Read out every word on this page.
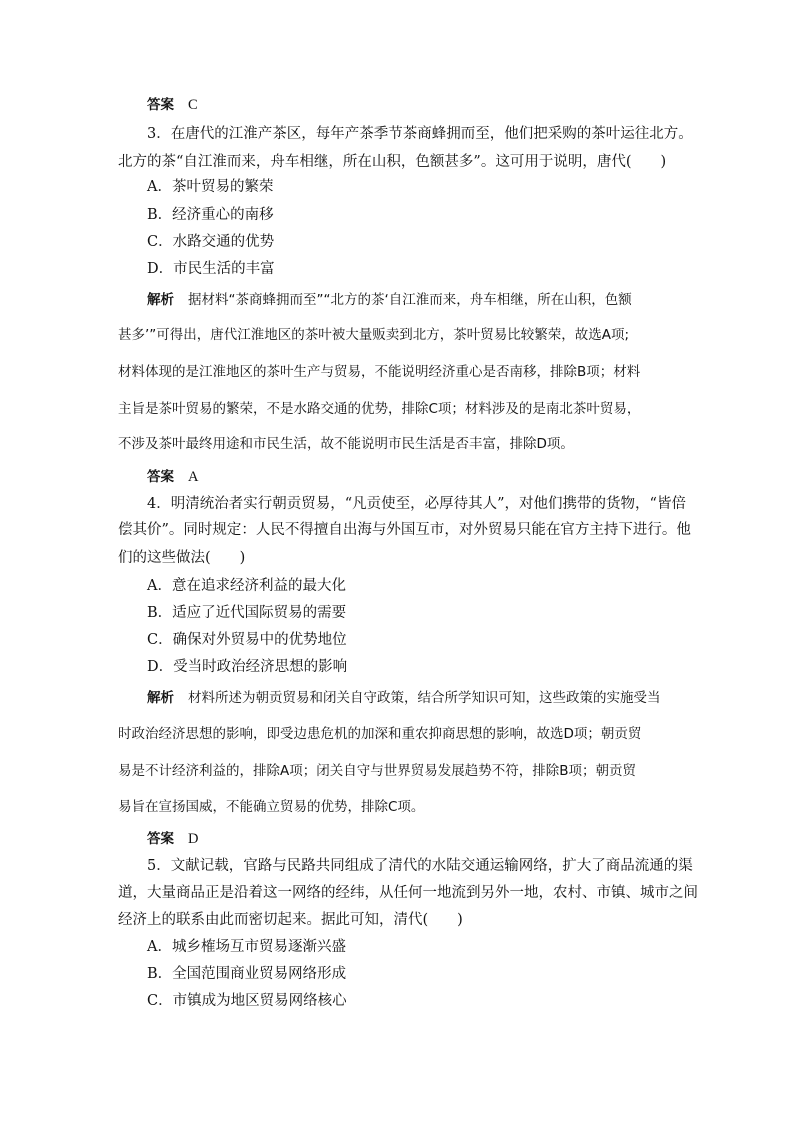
答案 C
3．在唐代的江淮产茶区，每年产茶季节茶商蜂拥而至，他们把采购的茶叶运往北方。
北方的茶“自江淮而来，舟车相继，所在山积，色额甚多”。这可用于说明，唐代(　　)
A．茶叶贸易的繁荣
B．经济重心的南移
C．水路交通的优势
D．市民生活的丰富
解析 据材料“茶商蜂拥而至”“北方的茶‘自江淮而来，舟车相继，所在山积，色额
甚多’”可得出，唐代江淮地区的茶叶被大量贩卖到北方，茶叶贸易比较繁荣，故选A项;
材料体现的是江淮地区的茶叶生产与贸易，不能说明经济重心是否南移，排除B项；材料
主旨是茶叶贸易的繁荣，不是水路交通的优势，排除C项；材料涉及的是南北茶叶贸易，
不涉及茶叶最终用途和市民生活，故不能说明市民生活是否丰富，排除D项。
答案 A
4．明清统治者实行朝贡贸易，“凡贡使至，必厚待其人”，对他们携带的货物，“皆倍
偿其价”。同时规定：人民不得擅自出海与外国互市，对外贸易只能在官方主持下进行。他
们的这些做法(　　)
A．意在追求经济利益的最大化
B．适应了近代国际贸易的需要
C．确保对外贸易中的优势地位
D．受当时政治经济思想的影响
解析 材料所述为朝贡贸易和闭关自守政策，结合所学知识可知，这些政策的实施受当
时政治经济思想的影响，即受边患危机的加深和重农抑商思想的影响，故选D项；朝贡贸
易是不计经济利益的，排除A项；闭关自守与世界贸易发展趋势不符，排除B项；朝贡贸
易旨在宣扬国威，不能确立贸易的优势，排除C项。
答案 D
5．文献记载，官路与民路共同组成了清代的水陆交通运输网络，扩大了商品流通的渠
道，大量商品正是沿着这一网络的经纬，从任何一地流到另外一地，农村、市镇、城市之间
经济上的联系由此而密切起来。据此可知，清代(　　)
A．城乡榷场互市贸易逐渐兴盛
B．全国范围商业贸易网络形成
C．市镇成为地区贸易网络核心
